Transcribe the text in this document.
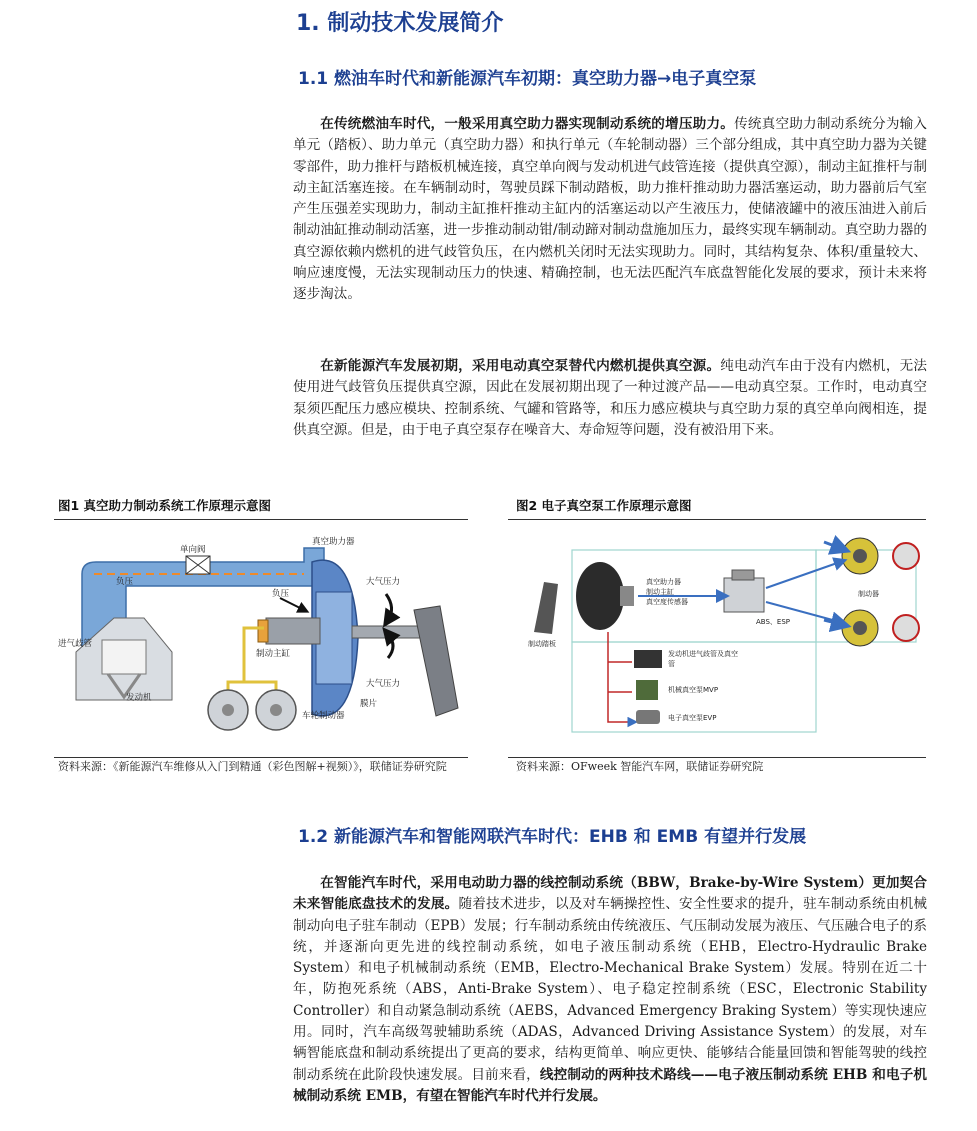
1. 制动技术发展简介
1.1 燃油车时代和新能源汽车初期：真空助力器→电子真空泵
在传统燃油车时代，一般采用真空助力器实现制动系统的增压助力。传统真空助力制动系统分为输入单元（踏板）、助力单元（真空助力器）和执行单元（车轮制动器）三个部分组成，其中真空助力器为关键零部件，助力推杆与踏板机械连接，真空单向阀与发动机进气歧管连接（提供真空源），制动主缸推杆与制动主缸活塞连接。在车辆制动时，驾驶员踩下制动踏板，助力推杆推动助力器活塞运动，助力器前后气室产生压强差实现助力，制动主缸推杆推动主缸内的活塞运动以产生液压力，使储液罐中的液压油进入前后制动油缸推动制动活塞，进一步推动制动钳/制动蹄对制动盘施加压力，最终实现车辆制动。真空助力器的真空源依赖内燃机的进气歧管负压，在内燃机关闭时无法实现助力。同时，其结构复杂、体积/重量较大、响应速度慢，无法实现制动压力的快速、精确控制，也无法匹配汽车底盘智能化发展的要求，预计未来将逐步淘汰。
在新能源汽车发展初期，采用电动真空泵替代内燃机提供真空源。纯电动汽车由于没有内燃机，无法使用进气歧管负压提供真空源，因此在发展初期出现了一种过渡产品——电动真空泵。工作时，电动真空泵须匹配压力感应模块、控制系统、气罐和管路等，和压力感应模块与真空助力泵的真空单向阀相连，提供真空源。但是，由于电子真空泵存在噪音大、寿命短等问题，没有被沿用下来。
图1 真空助力制动系统工作原理示意图
单向阀
真空助力器
负压
负压
大气压力
大气压力
进气歧管
制动主缸
发动机
车轮制动器
膜片
资料来源：《新能源汽车维修从入门到精通（彩色图解+视频）》，联储证券研究院
图2 电子真空泵工作原理示意图
真空助力器
制动主缸
真空度传感器
制动踏板
ABS、ESP
制动器
发动机进气歧管及真空
管
机械真空泵MVP
电子真空泵EVP
资料来源：OFweek 智能汽车网，联储证券研究院
1.2 新能源汽车和智能网联汽车时代：EHB 和 EMB 有望并行发展
在智能汽车时代，采用电动助力器的线控制动系统（BBW，Brake-by-Wire System）更加契合未来智能底盘技术的发展。随着技术进步，以及对车辆操控性、安全性要求的提升，驻车制动系统由机械制动向电子驻车制动（EPB）发展；行车制动系统由传统液压、气压制动发展为液压、气压融合电子的系统，并逐渐向更先进的线控制动系统，如电子液压制动系统（EHB，Electro-Hydraulic Brake System）和电子机械制动系统（EMB，Electro-Mechanical Brake System）发展。特别在近二十年，防抱死系统（ABS，Anti-Brake System）、电子稳定控制系统（ESC，Electronic Stability Controller）和自动紧急制动系统（AEBS，Advanced Emergency Braking System）等实现快速应用。同时，汽车高级驾驶辅助系统（ADAS，Advanced Driving Assistance System）的发展，对车辆智能底盘和制动系统提出了更高的要求，结构更简单、响应更快、能够结合能量回馈和智能驾驶的线控制动系统在此阶段快速发展。目前来看，线控制动的两种技术路线——电子液压制动系统 EHB 和电子机械制动系统 EMB，有望在智能汽车时代并行发展。
